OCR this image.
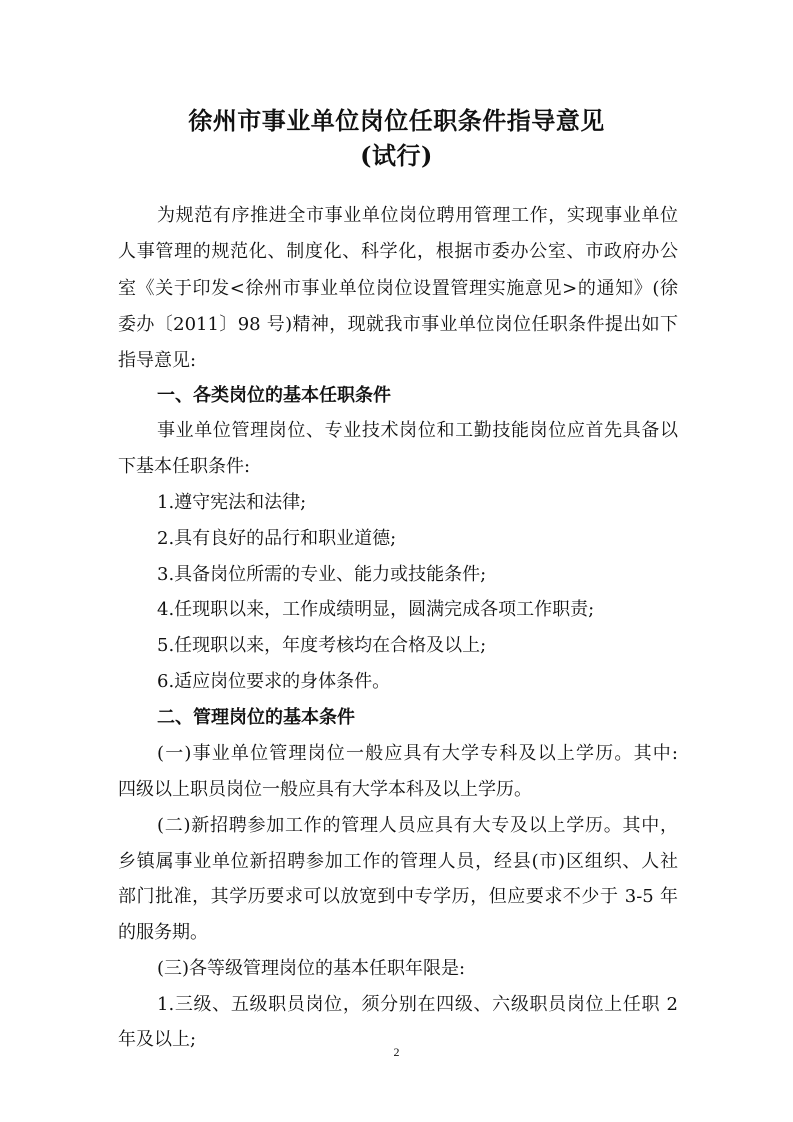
徐州市事业单位岗位任职条件指导意见
(试行)
为规范有序推进全市事业单位岗位聘用管理工作，实现事业单位
人事管理的规范化、制度化、科学化，根据市委办公室、市政府办公
室《关于印发<徐州市事业单位岗位设置管理实施意见>的通知》(徐
委办〔2011〕98 号)精神，现就我市事业单位岗位任职条件提出如下
指导意见:
一、各类岗位的基本任职条件
事业单位管理岗位、专业技术岗位和工勤技能岗位应首先具备以
下基本任职条件:
1.遵守宪法和法律;
2.具有良好的品行和职业道德;
3.具备岗位所需的专业、能力或技能条件;
4.任现职以来，工作成绩明显，圆满完成各项工作职责;
5.任现职以来，年度考核均在合格及以上;
6.适应岗位要求的身体条件。
二、管理岗位的基本条件
(一)事业单位管理岗位一般应具有大学专科及以上学历。其中:
四级以上职员岗位一般应具有大学本科及以上学历。
(二)新招聘参加工作的管理人员应具有大专及以上学历。其中，
乡镇属事业单位新招聘参加工作的管理人员，经县(市)区组织、人社
部门批准，其学历要求可以放宽到中专学历，但应要求不少于 3-5 年
的服务期。
(三)各等级管理岗位的基本任职年限是:
1.三级、五级职员岗位，须分别在四级、六级职员岗位上任职 2
年及以上;
2
